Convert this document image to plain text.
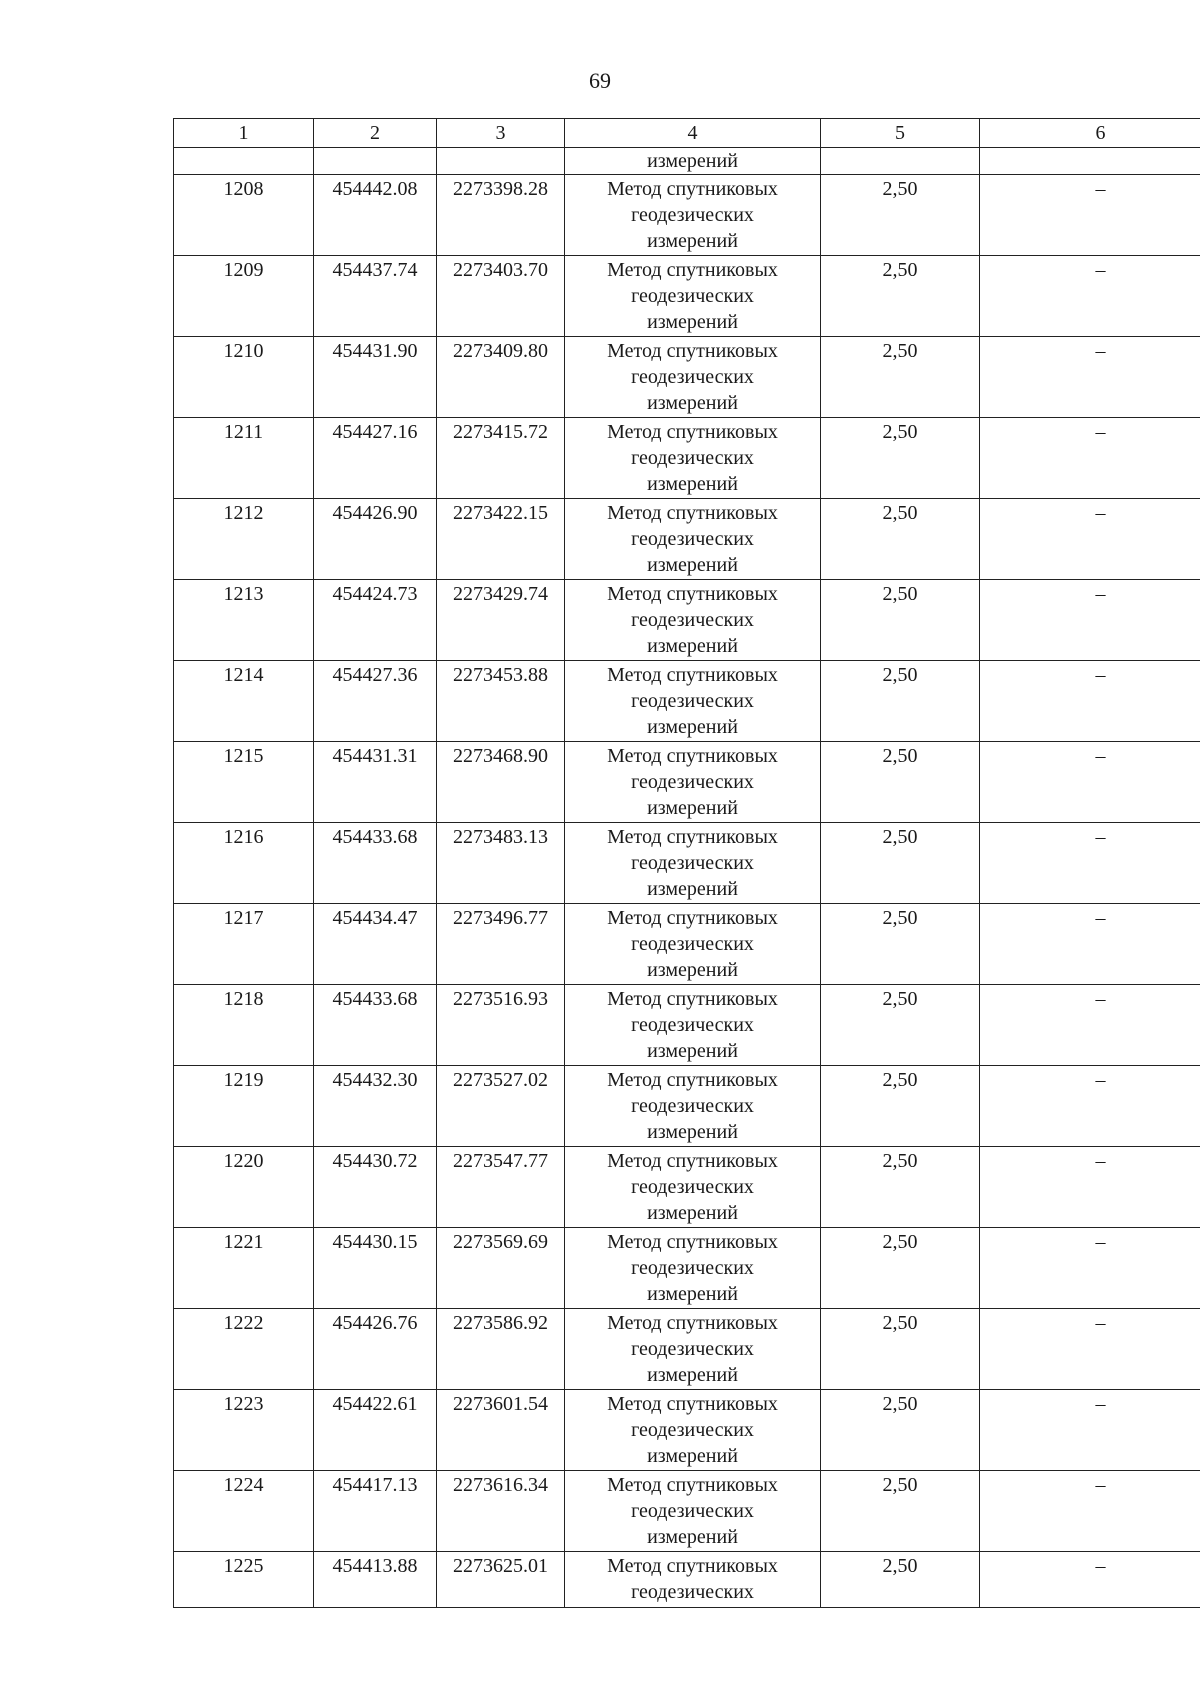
69
1	2	3	4	5	6
			измерений		
1208	454442.08	2273398.28	Метод спутниковых
геодезических
измерений	2,50	–
1209	454437.74	2273403.70	Метод спутниковых
геодезических
измерений	2,50	–
1210	454431.90	2273409.80	Метод спутниковых
геодезических
измерений	2,50	–
1211	454427.16	2273415.72	Метод спутниковых
геодезических
измерений	2,50	–
1212	454426.90	2273422.15	Метод спутниковых
геодезических
измерений	2,50	–
1213	454424.73	2273429.74	Метод спутниковых
геодезических
измерений	2,50	–
1214	454427.36	2273453.88	Метод спутниковых
геодезических
измерений	2,50	–
1215	454431.31	2273468.90	Метод спутниковых
геодезических
измерений	2,50	–
1216	454433.68	2273483.13	Метод спутниковых
геодезических
измерений	2,50	–
1217	454434.47	2273496.77	Метод спутниковых
геодезических
измерений	2,50	–
1218	454433.68	2273516.93	Метод спутниковых
геодезических
измерений	2,50	–
1219	454432.30	2273527.02	Метод спутниковых
геодезических
измерений	2,50	–
1220	454430.72	2273547.77	Метод спутниковых
геодезических
измерений	2,50	–
1221	454430.15	2273569.69	Метод спутниковых
геодезических
измерений	2,50	–
1222	454426.76	2273586.92	Метод спутниковых
геодезических
измерений	2,50	–
1223	454422.61	2273601.54	Метод спутниковых
геодезических
измерений	2,50	–
1224	454417.13	2273616.34	Метод спутниковых
геодезических
измерений	2,50	–
1225	454413.88	2273625.01	Метод спутниковых
геодезических	2,50	–
